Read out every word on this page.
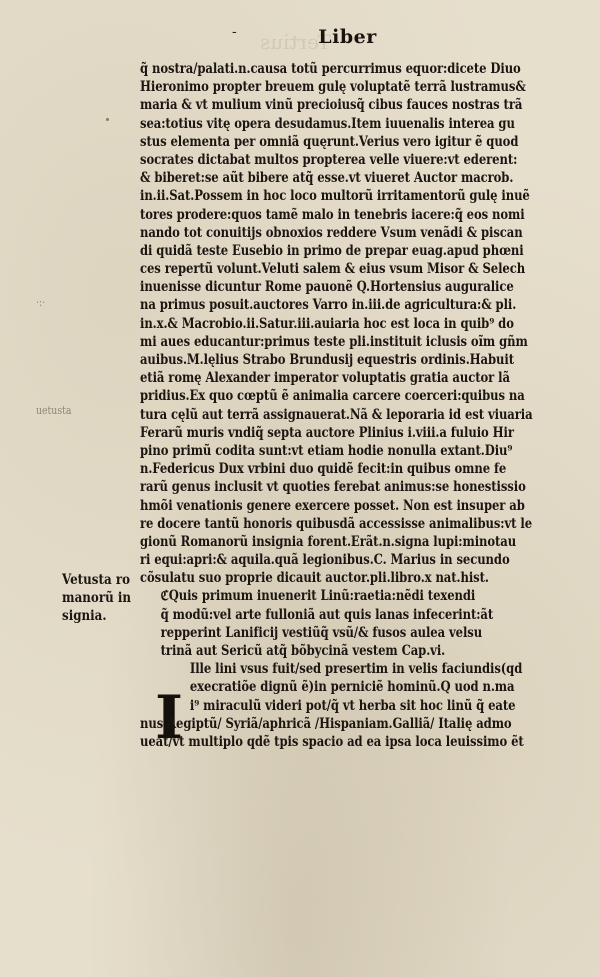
Tertius
-	Liber
·:·
uetusta
Vetusta ro
manorũ in
signia.
I
q̃ nostra/palati.n.causa totũ percurrimus equor:dicete Diuo
Hieronimo propter breuem gulę voluptatẽ terrã lustramus&
maria & vt mulium vinũ precioiusq̃ cibus fauces nostras trã
sea:totius vitę opera desudamus.Item iuuenalis interea gu
stus elementa per omniã quęrunt.Verius vero igitur ẽ quod
socrates dictabat multos propterea velle viuere:vt ederent:
& biberet:se aũt bibere atq̃ esse.vt viueret Auctor macrob.
in.ii.Sat.Possem in hoc loco multorũ irritamentorũ gulę inuẽ
tores prodere:quos tamẽ malo in tenebris iacere:q̃ eos nomi
nando tot conuitijs obnoxios reddere Vsum venãdi & piscan
di quidã teste Eusebio in primo de prepar euag.apud phœni
ces repertũ volunt.Veluti salem & eius vsum Misor & Selech
inuenisse dicuntur Rome pauonẽ Q.Hortensius auguralice
na primus posuit.auctores Varro in.iii.de agricultura:& pli.
in.x.& Macrobio.ii.Satur.iii.auiaria hoc est loca in quib⁹ do
mi aues educantur:primus teste pli.instituit iclusis oĩm gñm
auibus.M.lęlius Strabo Brundusij equestris ordinis.Habuit
etiã romę Alexander imperator voluptatis gratia auctor lã
pridius.Ex quo cœptũ ẽ animalia carcere coerceri:quibus na
tura cęlũ aut terrã assignauerat.Nã & leporaria id est viuaria
Ferarũ muris vndiq̃ septa auctore Plinius i.viii.a fuluio Hir
pino primũ codita sunt:vt etiam hodie nonulla extant.Diu⁹
n.Federicus Dux vrbini duo quidẽ fecit:in quibus omne fe
rarũ genus inclusit vt quoties ferebat animus:se honestissio
hmõi venationis genere exercere posset. Non est insuper ab
re docere tantũ honoris quibusdã accessisse animalibus:vt le
gionũ Romanorũ insignia forent.Erãt.n.signa lupi:minotau
ri equi:apri:& aquila.quã legionibus.C. Marius in secundo
cõsulatu suo proprie dicauit auctor.pli.libro.x nat.hist.
ℭQuis primum inuenerit Linũ:raetia:nẽdi texendi
q̃ modũ:vel arte fulloniã aut quis lanas infecerint:ãt
repperint Lanificij vestiũq̃ vsũ/& fusos aulea velsu
trinã aut Sericũ atq̃ bõbycinã vestem Cap.vi.
Ille lini vsus fuit/sed presertim in velis faciundis(qd
execratiõe dignũ ẽ)in perniciẽ hominũ.Q uod n.ma
i⁹ miraculũ videri pot/q̃ vt herba sit hoc linũ q̃ eate
nus Aegiptũ/ Syriã/aphricã /Hispaniam.Galliã/ Italię admo
ueat/vt multiplo qdẽ tpis spacio ad ea ipsa loca leuissimo ẽt
